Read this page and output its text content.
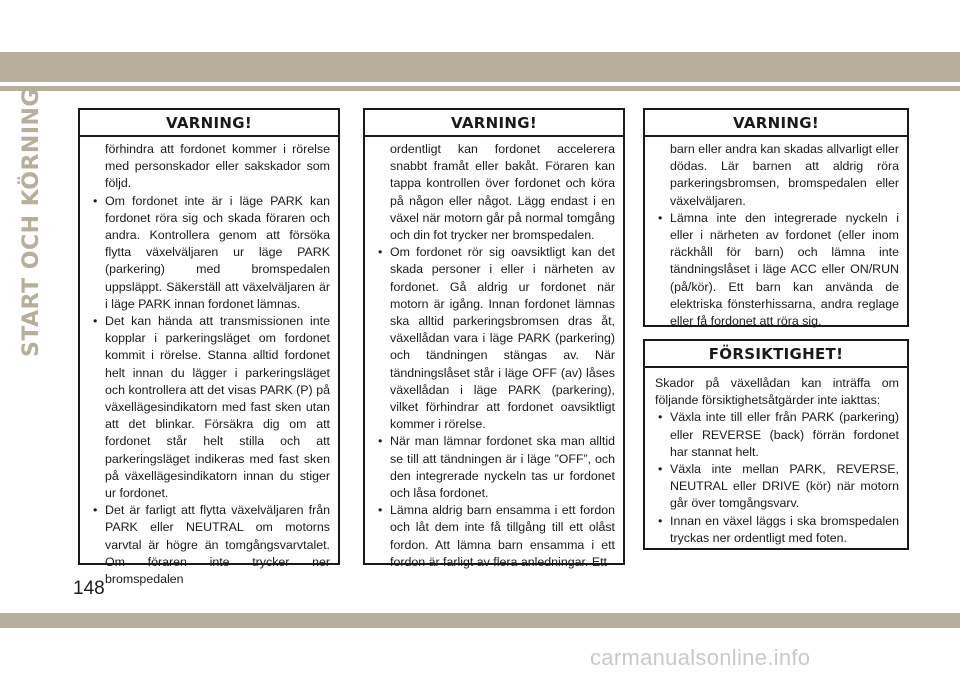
START OCH KÖRNING	VARNING!
förhindra att fordonet kommer i rörelse med personskador eller sakskador som följd.
• Om fordonet inte är i läge PARK kan fordonet röra sig och skada föraren och andra. Kontrollera genom att försöka flytta växelväljaren ur läge PARK (parkering) med bromspedalen uppsläppt. Säkerställ att växelväljaren är i läge PARK innan fordonet lämnas.
• Det kan hända att transmissionen inte kopplar i parkeringsläget om fordonet kommit i rörelse. Stanna alltid fordonet helt innan du lägger i parkeringsläget och kontrollera att det visas PARK (P) på växellägesindikatorn med fast sken utan att det blinkar. Försäkra dig om att fordonet står helt stilla och att parkeringsläget indikeras med fast sken på växellägesindikatorn innan du stiger ur fordonet.
• Det är farligt att flytta växelväljaren från PARK eller NEUTRAL om motorns varvtal är högre än tomgångsvarvtalet. Om föraren inte trycker ner bromspedalen
VARNING!
ordentligt kan fordonet accelerera snabbt framåt eller bakåt. Föraren kan tappa kontrollen över fordonet och köra på någon eller något. Lägg endast i en växel när motorn går på normal tomgång och din fot trycker ner bromspedalen.
• Om fordonet rör sig oavsiktligt kan det skada personer i eller i närheten av fordonet. Gå aldrig ur fordonet när motorn är igång. Innan fordonet lämnas ska alltid parkeringsbromsen dras åt, växellådan vara i läge PARK (parkering) och tändningen stängas av. När tändningslåset står i läge OFF (av) låses växellådan i läge PARK (parkering), vilket förhindrar att fordonet oavsiktligt kommer i rörelse.
• När man lämnar fordonet ska man alltid se till att tändningen är i läge ”OFF”, och den integrerade nyckeln tas ur fordonet och låsa fordonet.
• Lämna aldrig barn ensamma i ett fordon och låt dem inte få tillgång till ett olåst fordon. Att lämna barn ensamma i ett fordon är farligt av flera anledningar. Ett
VARNING!
barn eller andra kan skadas allvarligt eller dödas. Lär barnen att aldrig röra parkeringsbromsen, bromspedalen eller växelväljaren.
• Lämna inte den integrerade nyckeln i eller i närheten av fordonet (eller inom räckhåll för barn) och lämna inte tändningslåset i läge ACC eller ON/RUN (på/kör). Ett barn kan använda de elektriska fönsterhissarna, andra reglage eller få fordonet att röra sig.
FÖRSIKTIGHET!
Skador på växellådan kan inträffa om följande försiktighetsåtgärder inte iakttas:
• Växla inte till eller från PARK (parkering) eller REVERSE (back) förrän fordonet har stannat helt.
• Växla inte mellan PARK, REVERSE, NEUTRAL eller DRIVE (kör) när motorn går över tomgångsvarv.
• Innan en växel läggs i ska bromspedalen tryckas ner ordentligt med foten.
148
carmanualsonline.info
